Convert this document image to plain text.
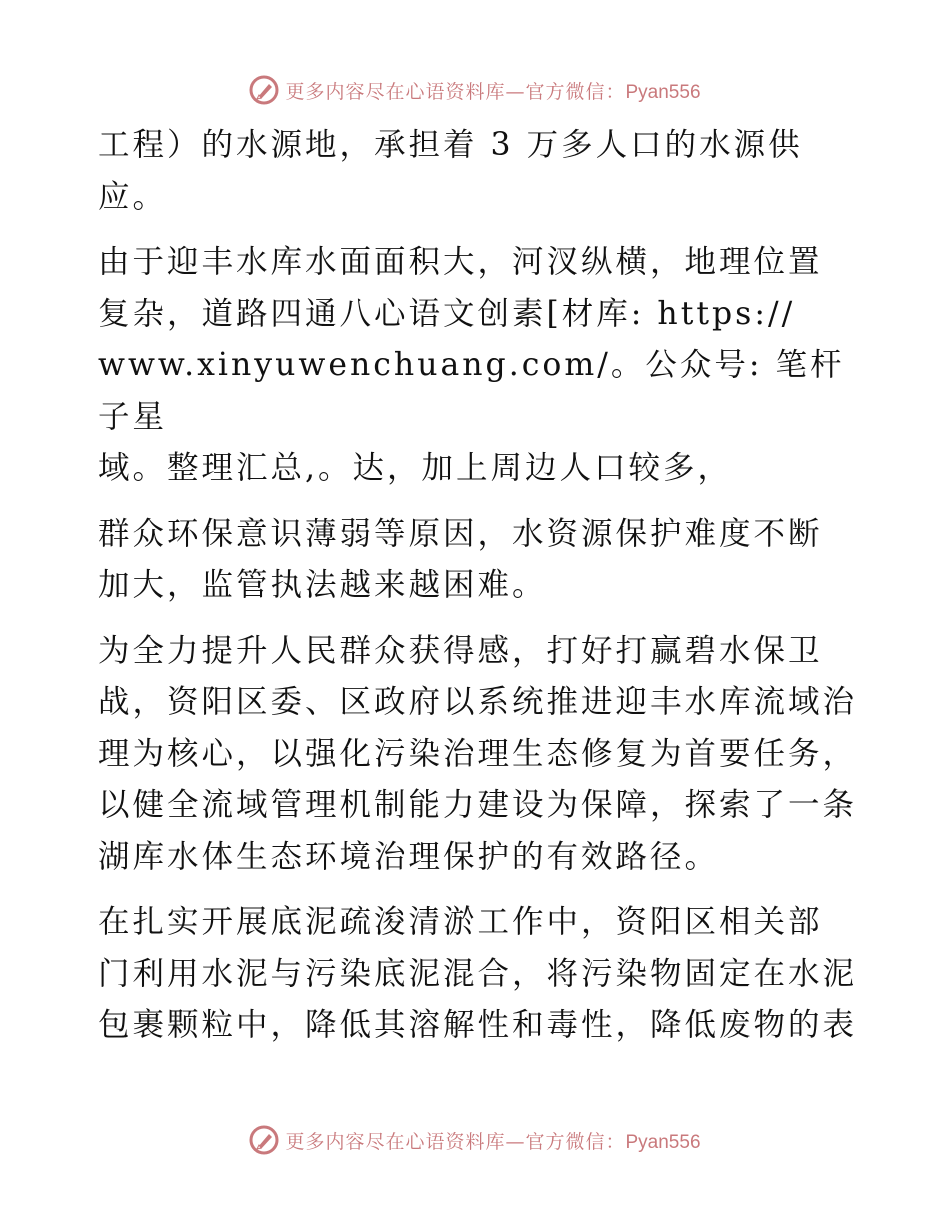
更多内容尽在心语资料库—官方微信：Pyan556

工程）的水源地，承担着 3 万多人口的水源供
应。

由于迎丰水库水面面积大，河汊纵横，地理位置
复杂，道路四通八心语文创素[材库: https://
www.xinyuwenchuang.com/。公众号: 笔杆子星
域。整理汇总,。达，加上周边人口较多，

群众环保意识薄弱等原因，水资源保护难度不断
加大，监管执法越来越困难。

为全力提升人民群众获得感，打好打赢碧水保卫
战，资阳区委、区政府以系统推进迎丰水库流域治
理为核心，以强化污染治理生态修复为首要任务，
以健全流域管理机制能力建设为保障，探索了一条
湖库水体生态环境治理保护的有效路径。

在扎实开展底泥疏浚清淤工作中，资阳区相关部
门利用水泥与污染底泥混合，将污染物固定在水泥
包裹颗粒中，降低其溶解性和毒性，降低废物的表

更多内容尽在心语资料库—官方微信：Pyan556
